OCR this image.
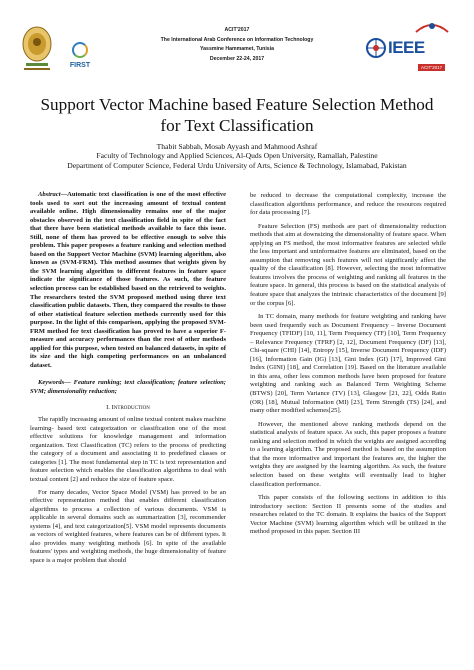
FIRST
ACIT'2017
The International Arab Conference on Information Technology
Yassmine Hammamet, Tunisia
December 22-24, 2017
IEEE
ACIT'2017
Support Vector Machine based Feature Selection Method for Text Classification
Thabit Sabbah, Mosab Ayyash and Mahmood Ashraf
Faculty of Technology and Applied Sciences, Al-Quds Open University, Ramallah, Palestine
Department of Computer Science, Federal Urdu University of Arts, Science & Technology, Islamabad, Pakistan

Abstract—Automatic text classification is one of the most effective tools used to sort out the increasing amount of textual content available online. High dimensionality remains one of the major obstacles observed in the text classification field in spite of the fact that there have been statistical methods available to face this issue. Still, none of them has proved to be effective enough to solve this problem. This paper proposes a feature ranking and selection method based on the Support Vector Machine (SVM) learning algorithm, also known as (SVM-FRM). This method assumes that weights given by the SVM learning algorithm to different features in feature space indicate the significance of those features. As such, the feature selection process can be established based on the retrieved to weights. The researchers tested the SVM proposed method using three text classification public datasets. Then, they compared the results to those of other statistical feature selection methods currently used for this purpose. In the light of this comparison, applying the proposed SVM-FRM method for text classification has proved to have a superior F-measure and accuracy performances than the rest of other methods applied for this purpose, when tested on balanced datasets, in spite of its size and the high competing performances on an unbalanced dataset.

Keywords— Feature ranking; text classification; feature selection; SVM; dimensionality reduction;

I. Introduction

The rapidly increasing amount of online textual content makes machine learning- based text categorization or classification one of the most effective solutions for knowledge management and information organization. Text Classification (TC) refers to the process of predicting the category of a document and associating it to predefined classes or categories [1]. The most fundamental step in TC is text representation and feature selection which enables the classification algorithms to deal with textual content [2] and reduce the size of feature space.

For many decades, Vector Space Model (VSM) has proved to be an effective representation method that enables different classification algorithms to process a collection of various documents. VSM is applicable in several domains such as summarization [3], recommender systems [4], and text categorization[5]. VSM model represents documents as vectors of weighted features, where features can be of different types. It also provides many weighting methods [6]. In spite of the available features' types and weighting methods, the huge dimensionality of feature space is a major problem that should

be reduced to decrease the computational complexity, increase the classification algorithms performance, and reduce the resources required for data processing [7].

Feature Selection (FS) methods are part of dimensionality reduction methods that aim at downsizing the dimensionality of feature space. When applying an FS method, the most informative features are selected while the less important and uninformative features are eliminated, based on the assumption that removing such features will not significantly affect the quality of the classification [8]. However, selecting the most informative features involves the process of weighting and ranking all features in the feature space. In general, this process is based on the statistical analysis of feature space that analyzes the intrinsic characteristics of the document [9] or the corpus [6].

In TC domain, many methods for feature weighting and ranking have been used frequently such as Document Frequency – Inverse Document Frequency (TFIDF) [10, 11], Term Frequency (TF) [10], Term Frequency – Relevance Frequency (TFRF) [2, 12], Document Frequency (DF) [13], Chi-square (CHI) [14], Entropy [15], Inverse Document Frequency (IDF) [16], Information Gain (IG) [13], Gini Index (GI) [17], Improved Gini Index (GINI) [18], and Correlation [19]. Based on the literature available in this area, other less common methods have been proposed for feature weighting and ranking such as Balanced Term Weighting Scheme (BTWS) [20], Term Variance (TV) [13], Glasgow [21, 22], Odds Ratio (OR) [18], Mutual Information (MI) [23], Term Strength (TS) [24], and many other modified schemes[25].

However, the mentioned above ranking methods depend on the statistical analysis of feature space. As such, this paper proposes a feature ranking and selection method in which the weights are assigned according to a learning algorithm. The proposed method is based on the assumption that the more informative and important the features are, the higher the weights they are assigned by the learning algorithm. As such, the feature selection based on these weights will eventually lead to higher classification performance.

This paper consists of the following sections in addition to this introductory section: Section II presents some of the studies and researches related to the TC domain. It explains the basics of the Support Vector Machine (SVM) learning algorithm which will be utilized in the method proposed in this paper. Section III
